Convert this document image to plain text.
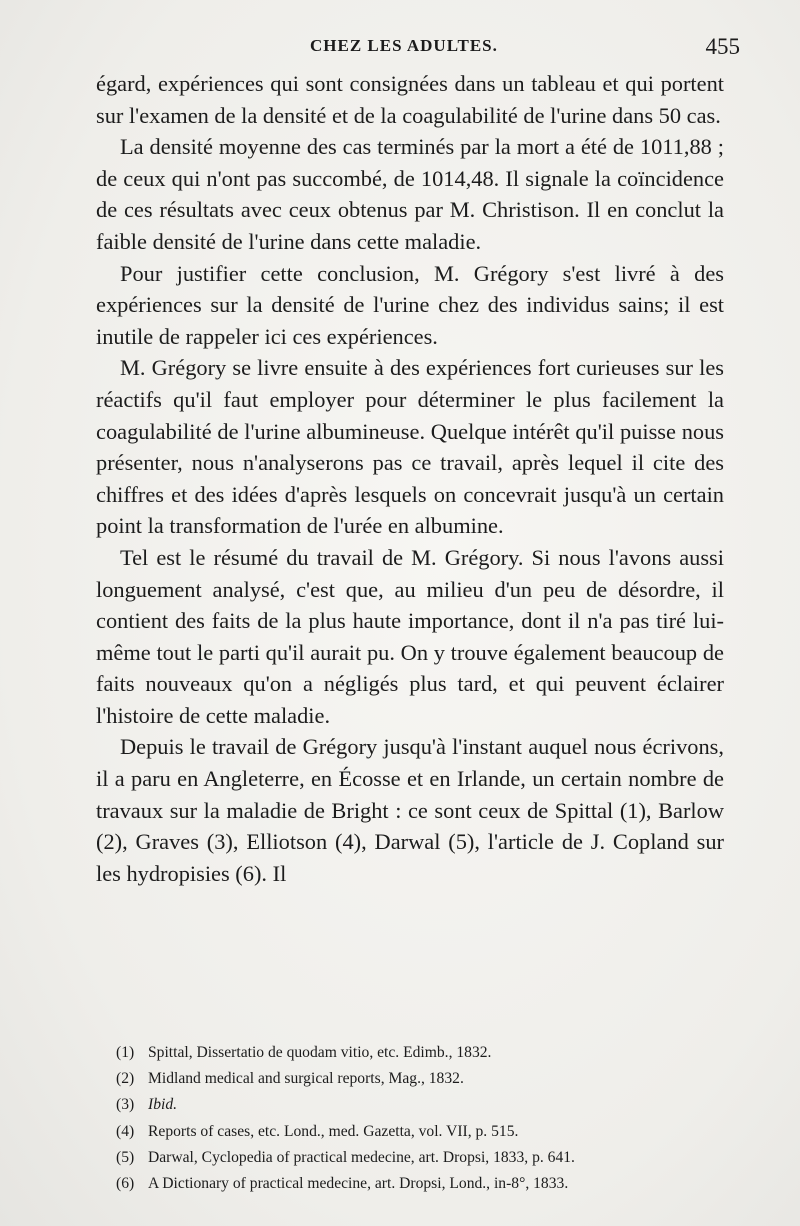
CHEZ LES ADULTES.	455

égard, expériences qui sont consignées dans un tableau et qui portent sur l'examen de la densité et de la coagulabilité de l'urine dans 50 cas.

La densité moyenne des cas terminés par la mort a été de 1011,88 ; de ceux qui n'ont pas succombé, de 1014,48. Il signale la coïncidence de ces résultats avec ceux obtenus par M. Christison. Il en conclut la faible densité de l'urine dans cette maladie.

Pour justifier cette conclusion, M. Grégory s'est livré à des expériences sur la densité de l'urine chez des individus sains; il est inutile de rappeler ici ces expériences.

M. Grégory se livre ensuite à des expériences fort curieuses sur les réactifs qu'il faut employer pour déterminer le plus facilement la coagulabilité de l'urine albumineuse. Quelque intérêt qu'il puisse nous présenter, nous n'analyserons pas ce travail, après lequel il cite des chiffres et des idées d'après lesquels on concevrait jusqu'à un certain point la transformation de l'urée en albumine.

Tel est le résumé du travail de M. Grégory. Si nous l'avons aussi longuement analysé, c'est que, au milieu d'un peu de désordre, il contient des faits de la plus haute importance, dont il n'a pas tiré lui-même tout le parti qu'il aurait pu. On y trouve également beaucoup de faits nouveaux qu'on a négligés plus tard, et qui peuvent éclairer l'histoire de cette maladie.

Depuis le travail de Grégory jusqu'à l'instant auquel nous écrivons, il a paru en Angleterre, en Écosse et en Irlande, un certain nombre de travaux sur la maladie de Bright : ce sont ceux de Spittal (1), Barlow (2), Graves (3), Elliotson (4), Darwal (5), l'article de J. Copland sur les hydropisies (6). Il

(1) Spittal, Dissertatio de quodam vitio, etc. Edimb., 1832.
(2) Midland medical and surgical reports, Mag., 1832.
(3) Ibid.
(4) Reports of cases, etc. Lond., med. Gazetta, vol. VII, p. 515.
(5) Darwal, Cyclopedia of practical medecine, art. Dropsi, 1833, p. 641.
(6) A Dictionary of practical medecine, art. Dropsi, Lond., in-8°, 1833.
